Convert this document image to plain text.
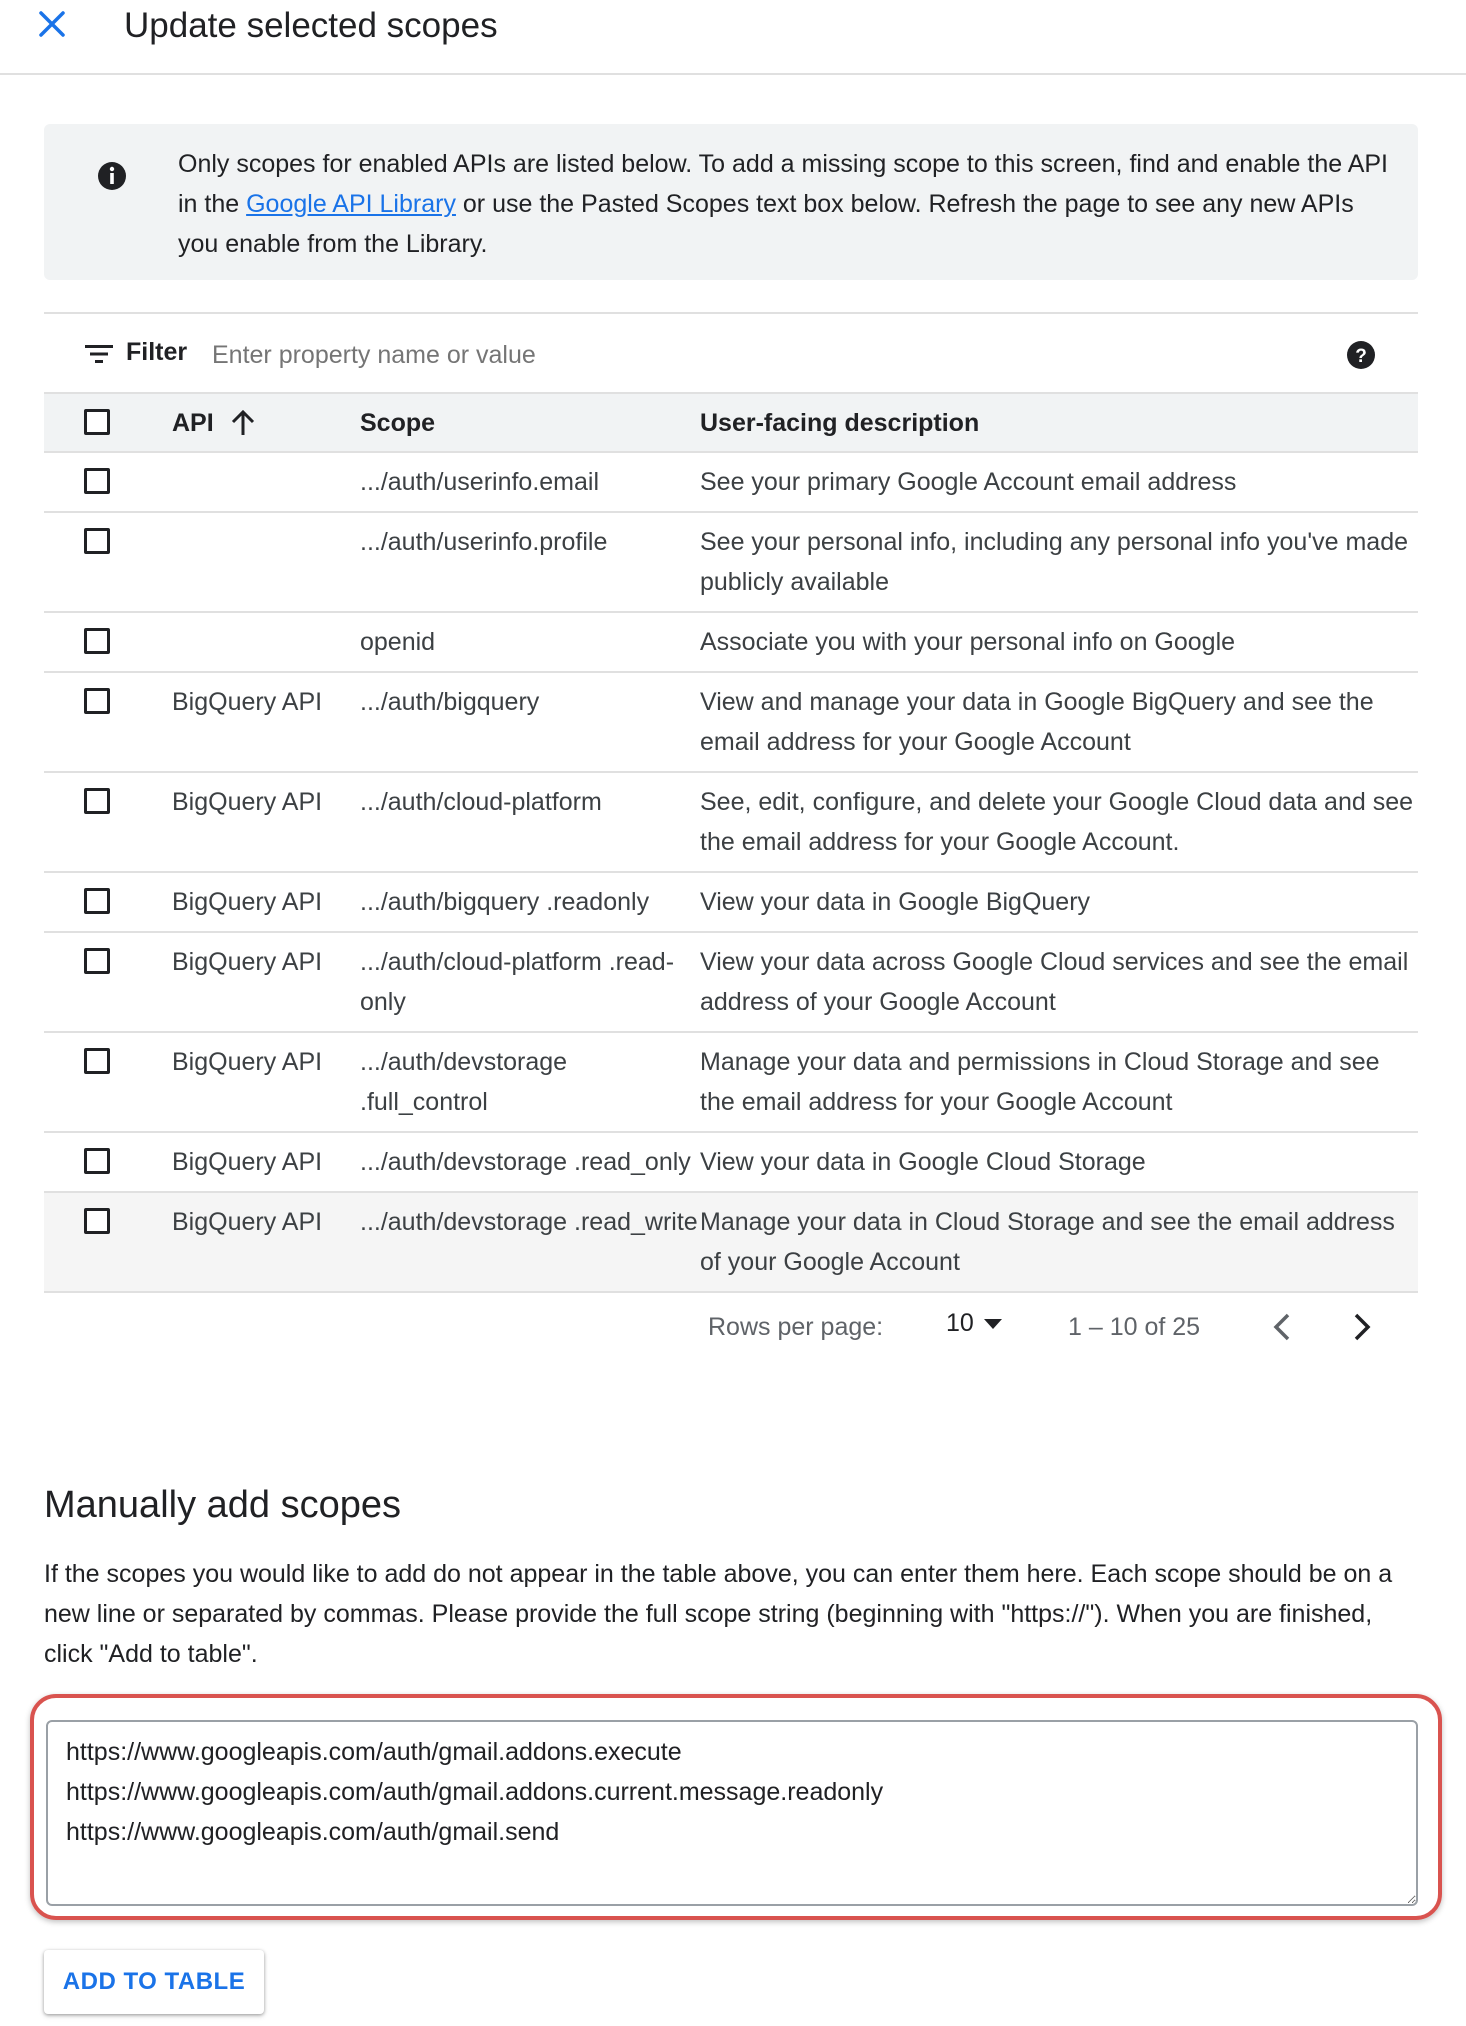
Update selected scopes
Only scopes for enabled APIs are listed below. To add a missing scope to this screen, find and enable the API in the Google API Library or use the Pasted Scopes text box below. Refresh the page to see any new APIs you enable from the Library.
Filter
Enter property name or value	?

	API	Scope	User-facing description

		.../auth/userinfo.email	See your primary Google Account email address

		.../auth/userinfo.profile	See your personal info, including any personal info you've made publicly available

		openid	Associate you with your personal info on Google

	BigQuery API	.../auth/bigquery	View and manage your data in Google BigQuery and see the email address for your Google Account

	BigQuery API	.../auth/cloud-platform	See, edit, configure, and delete your Google Cloud data and see the email address for your Google Account.

	BigQuery API	.../auth/bigquery .readonly	View your data in Google BigQuery

	BigQuery API	.../auth/cloud-platform .read-only	View your data across Google Cloud services and see the email address of your Google Account

	BigQuery API	.../auth/devstorage .full_control	Manage your data and permissions in Cloud Storage and see the email address for your Google Account

	BigQuery API	.../auth/devstorage .read_only	View your data in Google Cloud Storage

	BigQuery API	.../auth/devstorage .read_write	Manage your data in Cloud Storage and see the email address of your Google Account
Rows per page:	10	1 – 10 of 25
Manually add scopes
If the scopes you would like to add do not appear in the table above, you can enter them here. Each scope should be on a new line or separated by commas. Please provide the full scope string (beginning with "https://"). When you are finished, click "Add to table".
https://www.googleapis.com/auth/gmail.addons.execute https://www.googleapis.com/auth/gmail.addons.current.message.readonly https://www.googleapis.com/auth/gmail.send
ADD TO TABLE
